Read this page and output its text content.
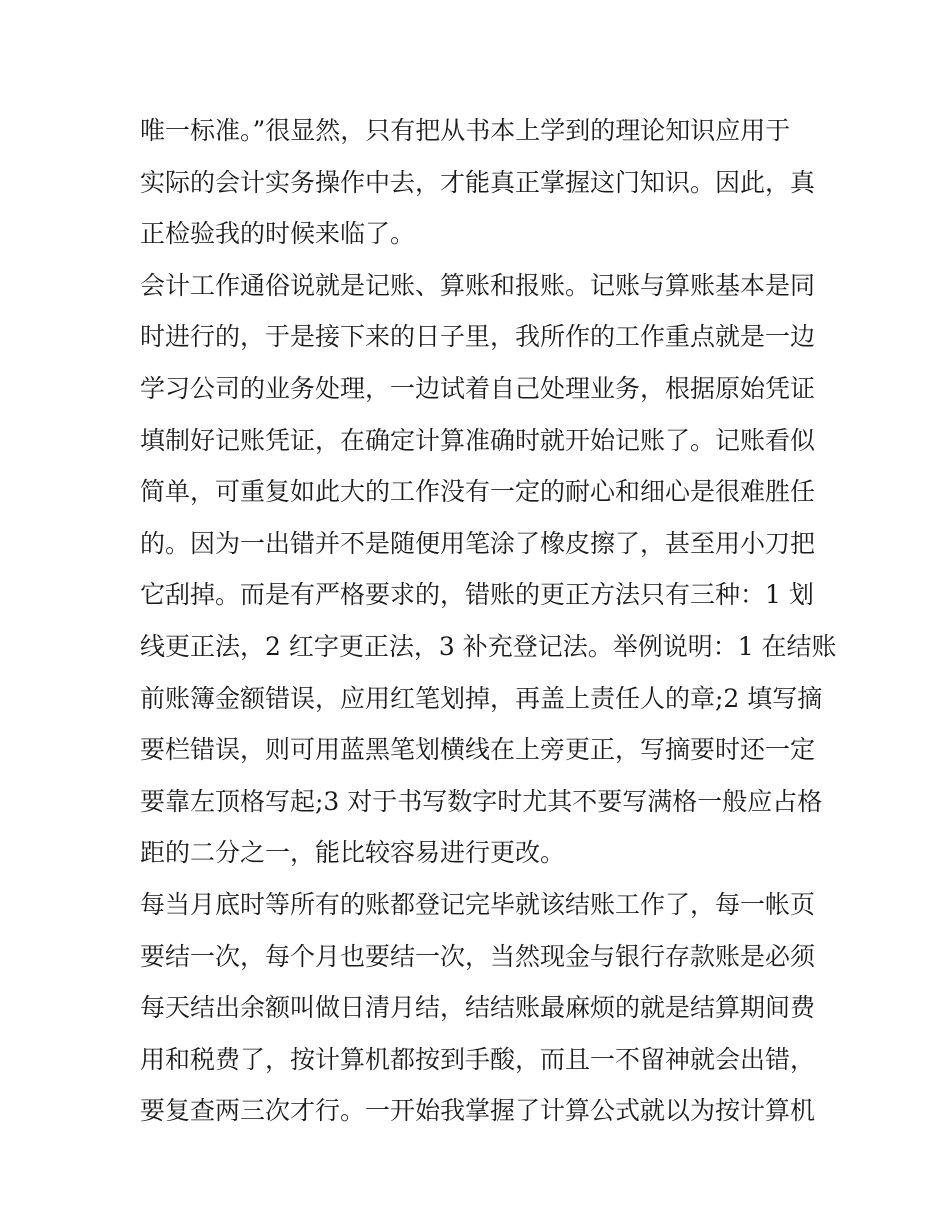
唯一标准。”很显然，只有把从书本上学到的理论知识应用于
实际的会计实务操作中去，才能真正掌握这门知识。因此，真
正检验我的时候来临了。
会计工作通俗说就是记账、算账和报账。记账与算账基本是同
时进行的，于是接下来的日子里，我所作的工作重点就是一边
学习公司的业务处理，一边试着自己处理业务，根据原始凭证
填制好记账凭证，在确定计算准确时就开始记账了。记账看似
简单，可重复如此大的工作没有一定的耐心和细心是很难胜任
的。因为一出错并不是随便用笔涂了橡皮擦了，甚至用小刀把
它刮掉。而是有严格要求的，错账的更正方法只有三种：1 划
线更正法，2 红字更正法，3 补充登记法。举例说明：1 在结账
前账簿金额错误，应用红笔划掉，再盖上责任人的章;2 填写摘
要栏错误，则可用蓝黑笔划横线在上旁更正，写摘要时还一定
要靠左顶格写起;3 对于书写数字时尤其不要写满格一般应占格
距的二分之一，能比较容易进行更改。
每当月底时等所有的账都登记完毕就该结账工作了，每一帐页
要结一次，每个月也要结一次，当然现金与银行存款账是必须
每天结出余额叫做日清月结，结结账最麻烦的就是结算期间费
用和税费了，按计算机都按到手酸，而且一不留神就会出错，
要复查两三次才行。一开始我掌握了计算公式就以为按计算机
